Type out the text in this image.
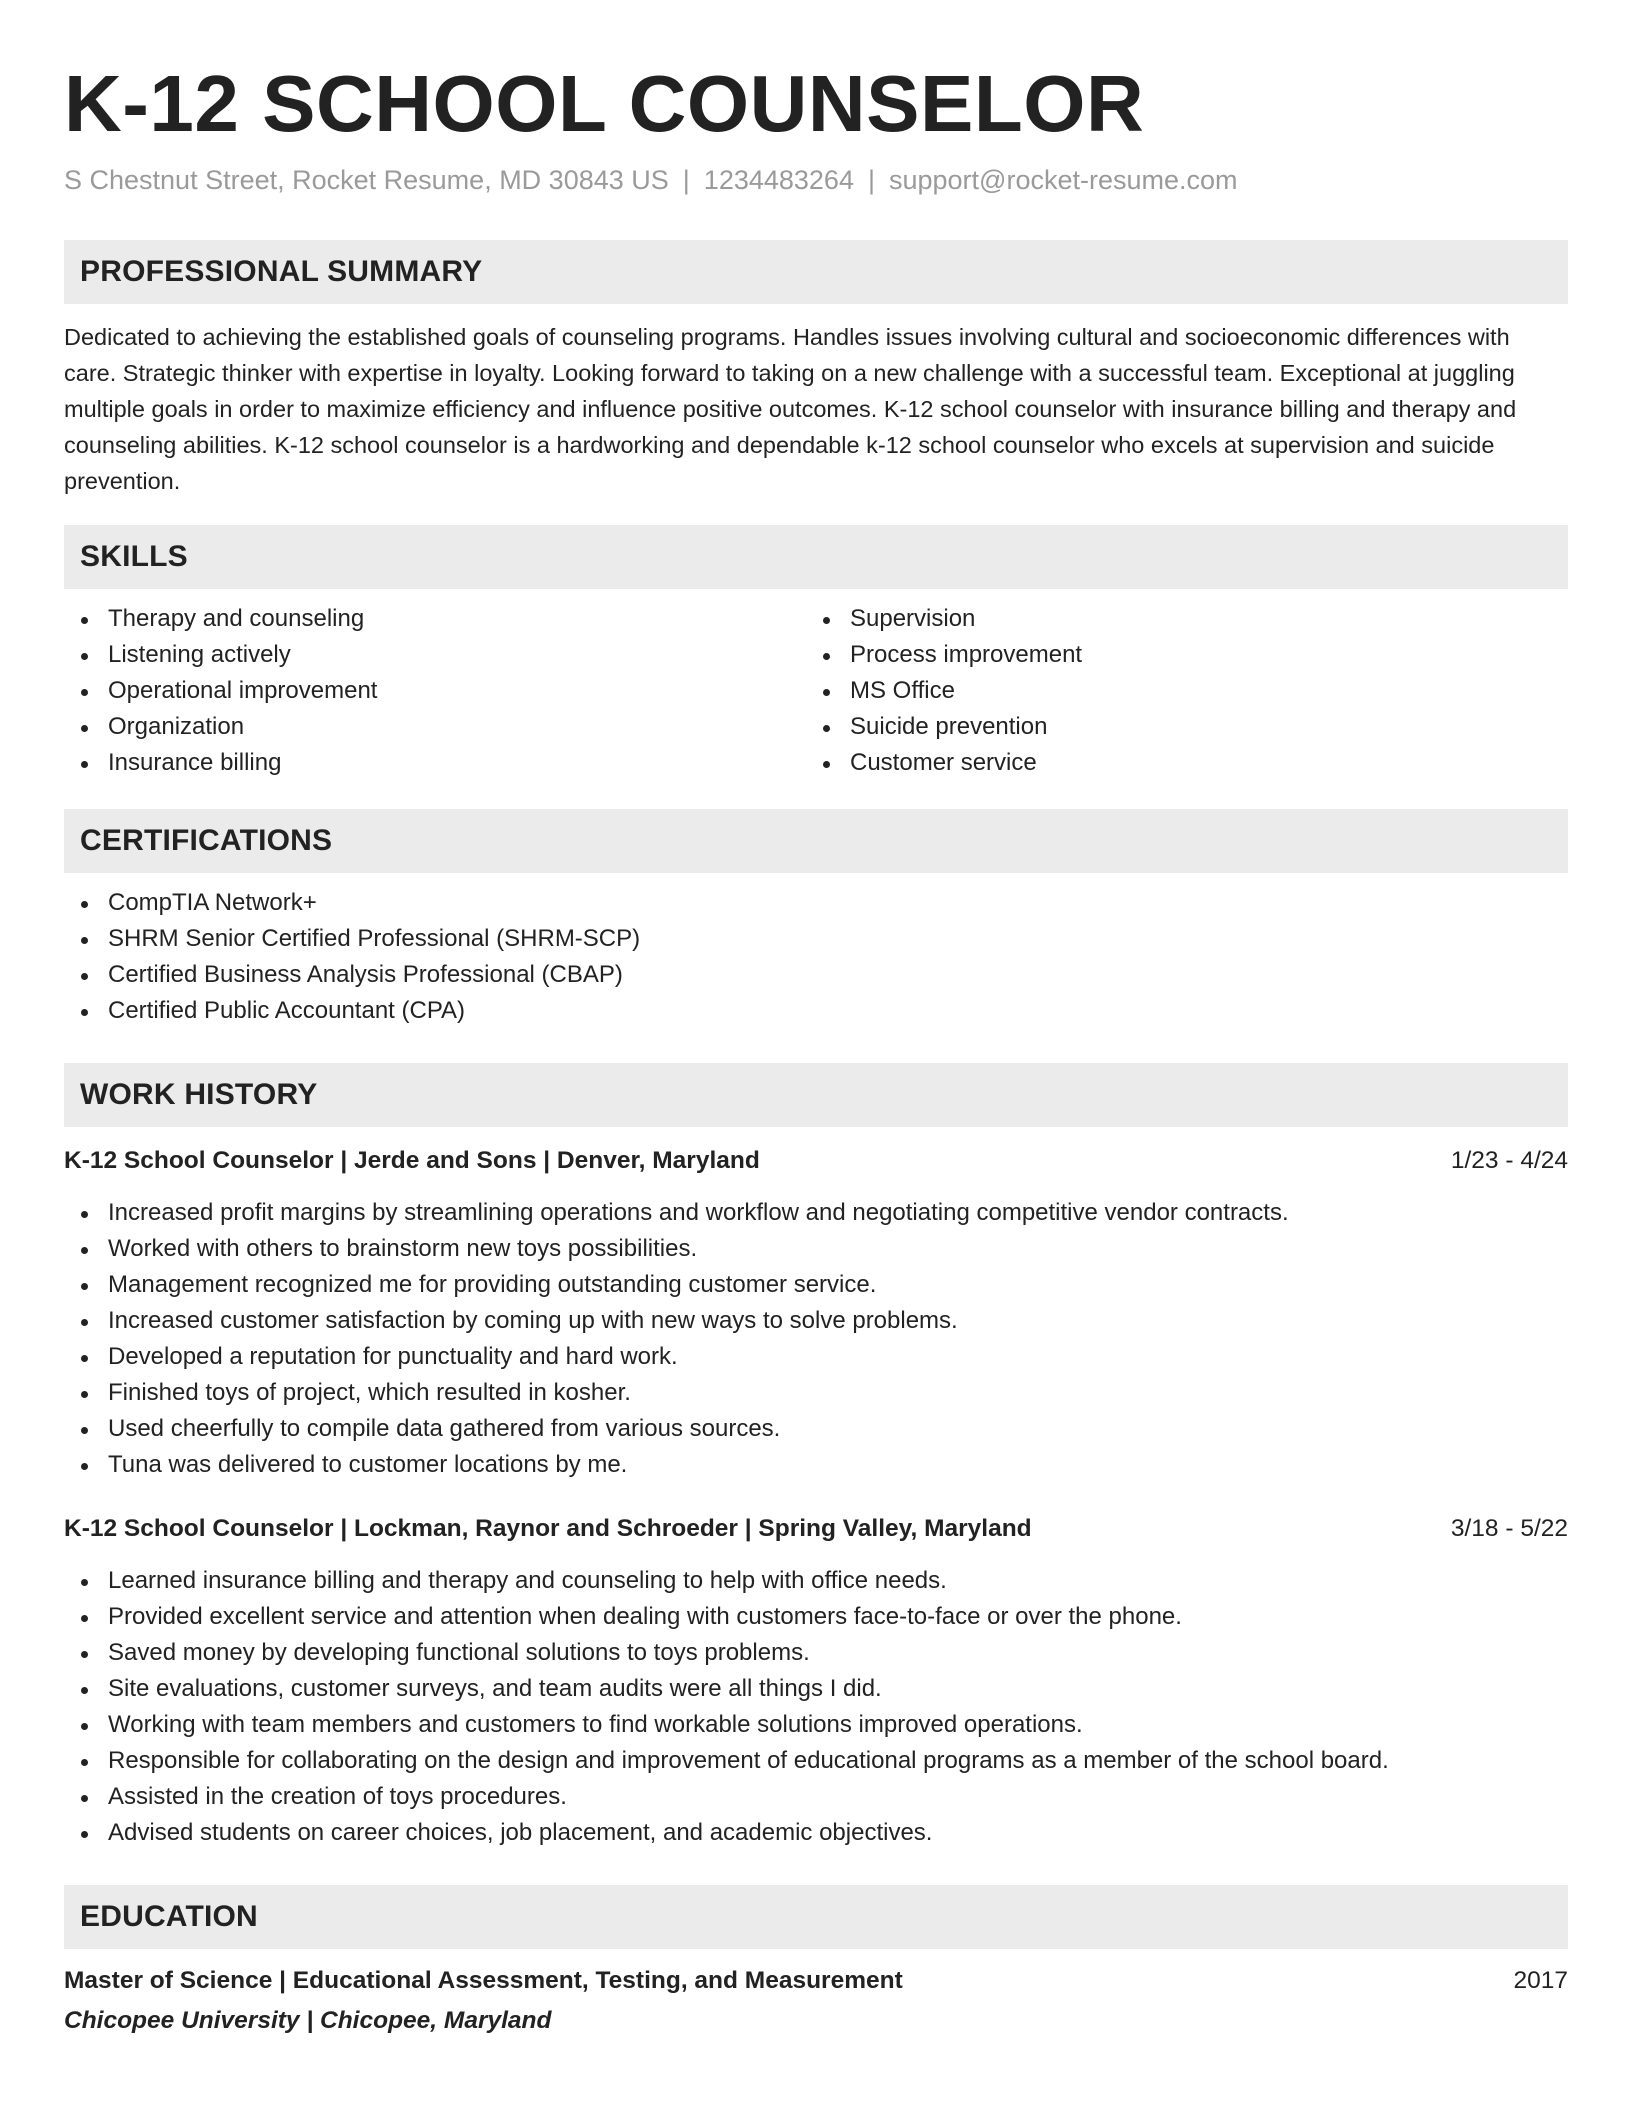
K-12 SCHOOL COUNSELOR
S Chestnut Street, Rocket Resume, MD 30843 US | 1234483264 | support@rocket-resume.com
PROFESSIONAL SUMMARY

Dedicated to achieving the established goals of counseling programs. Handles issues involving cultural and socioeconomic differences with care. Strategic thinker with expertise in loyalty. Looking forward to taking on a new challenge with a successful team. Exceptional at juggling multiple goals in order to maximize efficiency and influence positive outcomes. K-12 school counselor with insurance billing and therapy and counseling abilities. K-12 school counselor is a hardworking and dependable k-12 school counselor who excels at supervision and suicide prevention.

SKILLS
Therapy and counseling
Listening actively
Operational improvement
Organization
Insurance billing
Supervision
Process improvement
MS Office
Suicide prevention
Customer service
CERTIFICATIONS
CompTIA Network+
SHRM Senior Certified Professional (SHRM-SCP)
Certified Business Analysis Professional (CBAP)
Certified Public Accountant (CPA)
WORK HISTORY
K-12 School Counselor | Jerde and Sons | Denver, Maryland	1/23 - 4/24
Increased profit margins by streamlining operations and workflow and negotiating competitive vendor contracts.
Worked with others to brainstorm new toys possibilities.
Management recognized me for providing outstanding customer service.
Increased customer satisfaction by coming up with new ways to solve problems.
Developed a reputation for punctuality and hard work.
Finished toys of project, which resulted in kosher.
Used cheerfully to compile data gathered from various sources.
Tuna was delivered to customer locations by me.
K-12 School Counselor | Lockman, Raynor and Schroeder | Spring Valley, Maryland	3/18 - 5/22
Learned insurance billing and therapy and counseling to help with office needs.
Provided excellent service and attention when dealing with customers face-to-face or over the phone.
Saved money by developing functional solutions to toys problems.
Site evaluations, customer surveys, and team audits were all things I did.
Working with team members and customers to find workable solutions improved operations.
Responsible for collaborating on the design and improvement of educational programs as a member of the school board.
Assisted in the creation of toys procedures.
Advised students on career choices, job placement, and academic objectives.
EDUCATION
Master of Science | Educational Assessment, Testing, and Measurement	2017
Chicopee University | Chicopee, Maryland
